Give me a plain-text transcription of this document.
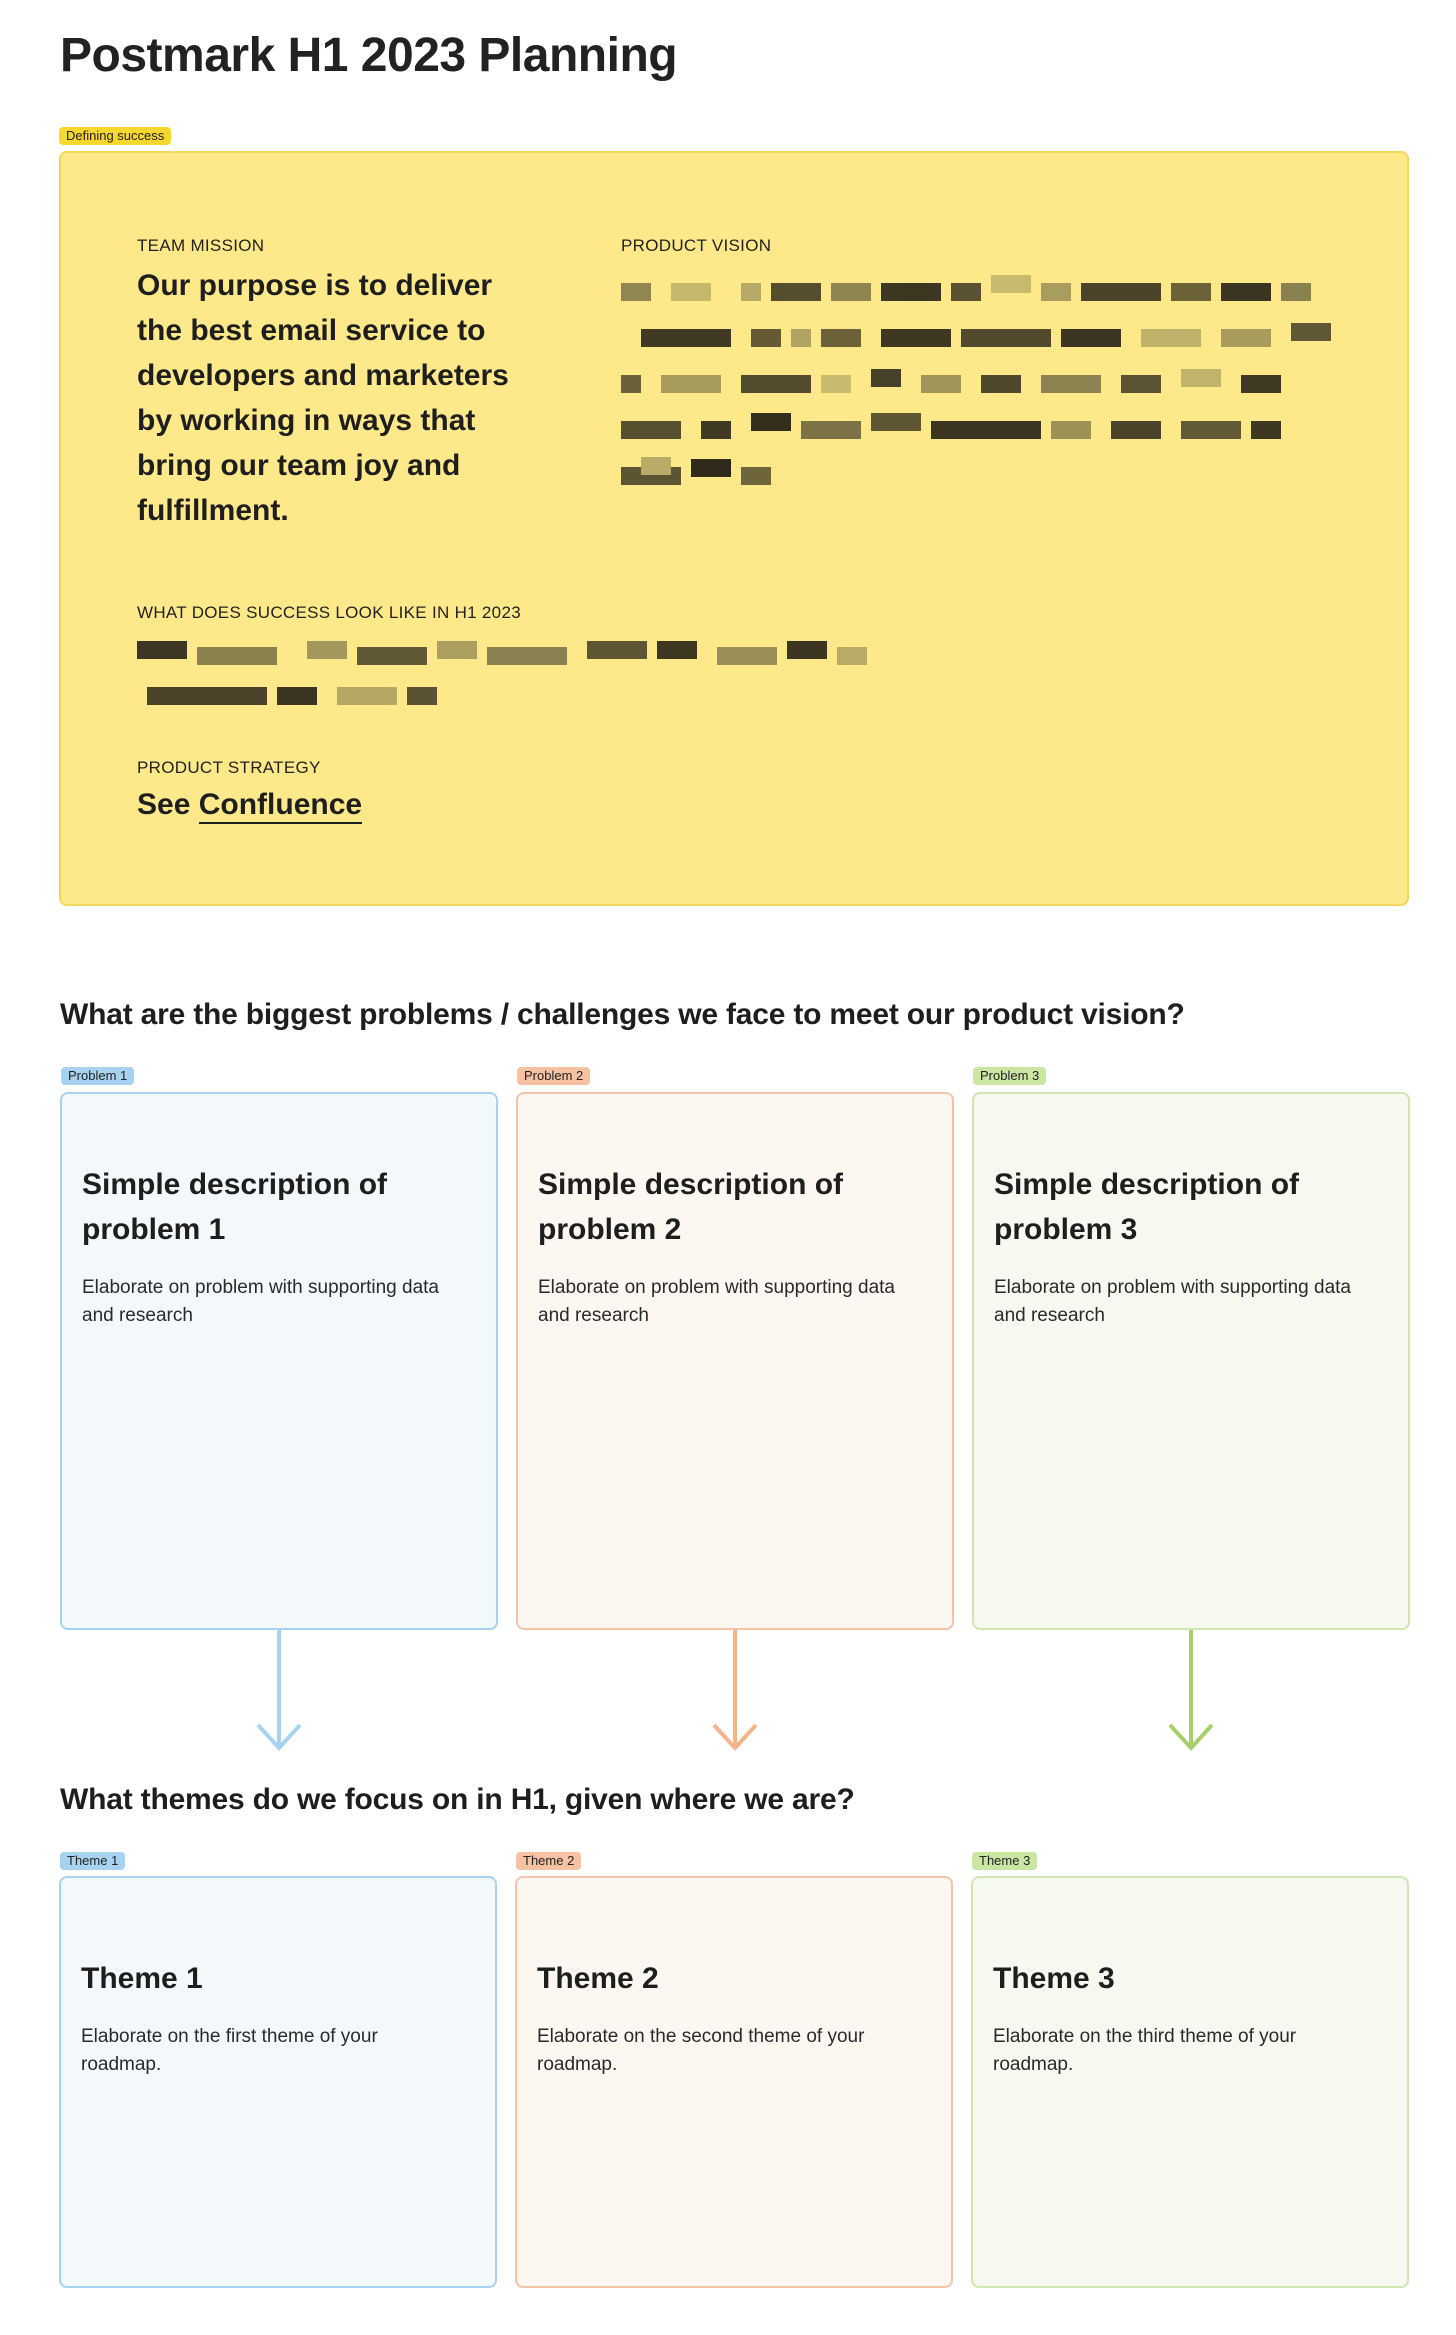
Postmark H1 2023 Planning
Defining success
TEAM MISSION
Our purpose is to deliver the best email service to developers and marketers by working in ways that bring our team joy and fulfillment.
PRODUCT VISION
WHAT DOES SUCCESS LOOK LIKE IN H1 2023
PRODUCT STRATEGY
See Confluence
What are the biggest problems / challenges we face to meet our product vision?
Problem 1	Problem 2	Problem 3
Simple description of problem 1
Elaborate on problem with supporting data and research
Simple description of problem 2
Elaborate on problem with supporting data and research
Simple description of problem 3
Elaborate on problem with supporting data and research
What themes do we focus on in H1, given where we are?
Theme 1	Theme 2	Theme 3
Theme 1
Elaborate on the first theme of your roadmap.
Theme 2
Elaborate on the second theme of your roadmap.
Theme 3
Elaborate on the third theme of your roadmap.
